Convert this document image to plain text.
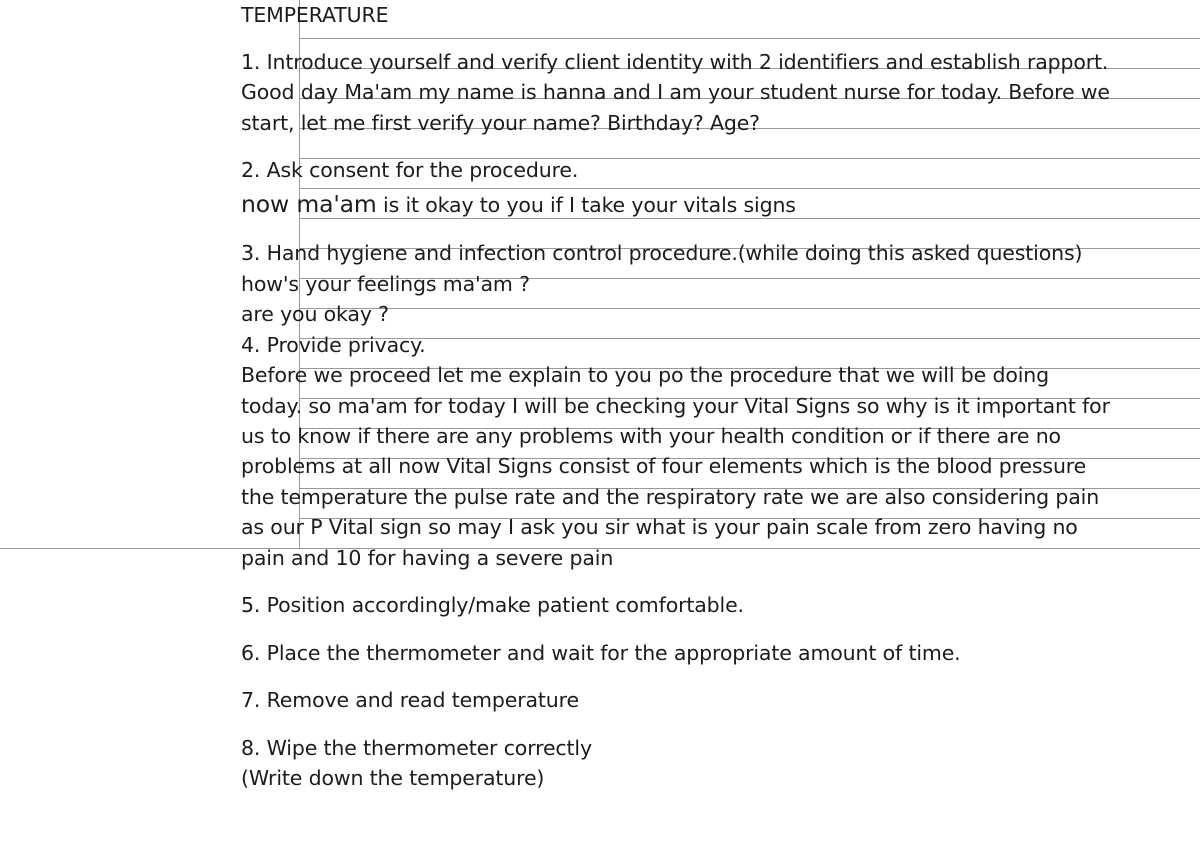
TEMPERATURE

1. Introduce yourself and verify client identity with 2 identifiers and establish rapport.

Good day Ma'am my name is hanna and I am your student nurse for today. Before we

start, let me first verify your name? Birthday? Age?

2. Ask consent for the procedure.

now ma'am is it okay to you if I take your vitals signs

3. Hand hygiene and infection control procedure.(while doing this asked questions)

how's your feelings ma'am ?

are you okay ?

4. Provide privacy.

Before we proceed let me explain to you po the procedure that we will be doing

today. so ma'am for today I will be checking your Vital Signs so why is it important for

us to know if there are any problems with your health condition or if there are no

problems at all now Vital Signs consist of four elements which is the blood pressure

the temperature the pulse rate and the respiratory rate we are also considering pain

as our P Vital sign so may I ask you sir what is your pain scale from zero having no

pain and 10 for having a severe pain

5. Position accordingly/make patient comfortable.

6. Place the thermometer and wait for the appropriate amount of time.

7. Remove and read temperature

8. Wipe the thermometer correctly

(Write down the temperature)
